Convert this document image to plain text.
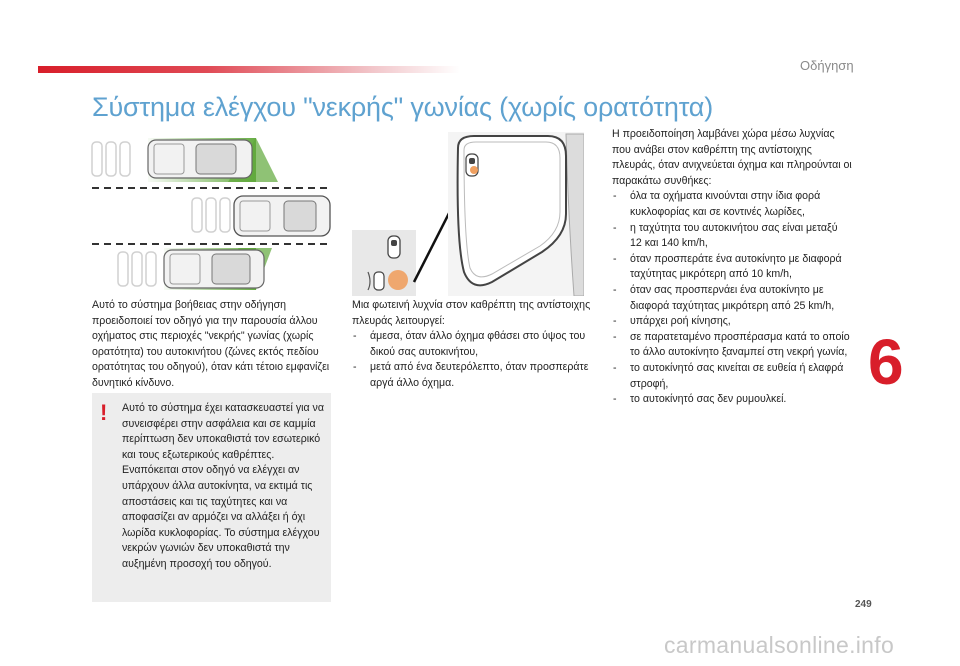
Οδήγηση
Σύστημα ελέγχου "νεκρής" γωνίας (χωρίς ορατότητα)

Αυτό το σύστημα βοήθειας στην οδήγηση προειδοποιεί τον οδηγό για την παρουσία άλλου οχήματος στις περιοχές "νεκρής" γωνίας (χωρίς ορατότητα) του αυτοκινήτου (ζώνες εκτός πεδίου ορατότητας του οδηγού), όταν κάτι τέτοιο εμφανίζει δυνητικό κίνδυνο.

! Αυτό το σύστημα έχει κατασκευαστεί για να συνεισφέρει στην ασφάλεια και σε καμμία περίπτωση δεν υποκαθιστά τον εσωτερικό και τους εξωτερικούς καθρέπτες. Εναπόκειται στον οδηγό να ελέγχει αν υπάρχουν άλλα αυτοκίνητα, να εκτιμά τις αποστάσεις και τις ταχύτητες και να αποφασίζει αν αρμόζει να αλλάξει ή όχι λωρίδα κυκλοφορίας. Το σύστημα ελέγχου νεκρών γωνιών δεν υποκαθιστά την αυξημένη προσοχή του οδηγού.

Μια φωτεινή λυχνία στον καθρέπτη της αντίστοιχης πλευράς λειτουργεί:

- άμεσα, όταν άλλο όχημα φθάσει στο ύψος του δικού σας αυτοκινήτου,
- μετά από ένα δευτερόλεπτο, όταν προσπεράτε αργά άλλο όχημα.

Η προειδοποίηση λαμβάνει χώρα μέσω λυχνίας που ανάβει στον καθρέπτη της αντίστοιχης πλευράς, όταν ανιχνεύεται όχημα και πληρούνται οι παρακάτω συνθήκες:

- όλα τα οχήματα κινούνται στην ίδια φορά κυκλοφορίας και σε κοντινές λωρίδες,
- η ταχύτητα του αυτοκινήτου σας είναι μεταξύ 12 και 140 km/h,
- όταν προσπεράτε ένα αυτοκίνητο με διαφορά ταχύτητας μικρότερη από 10 km/h,
- όταν σας προσπερνάει ένα αυτοκίνητο με διαφορά ταχύτητας μικρότερη από 25 km/h,
- υπάρχει ροή κίνησης,
- σε παρατεταμένο προσπέρασμα κατά το οποίο το άλλο αυτοκίνητο ξαναμπεί στη νεκρή γωνία,
- το αυτοκίνητό σας κινείται σε ευθεία ή ελαφρά στροφή,
- το αυτοκίνητό σας δεν ρυμουλκεί.
6
249
carmanualsonline.info
